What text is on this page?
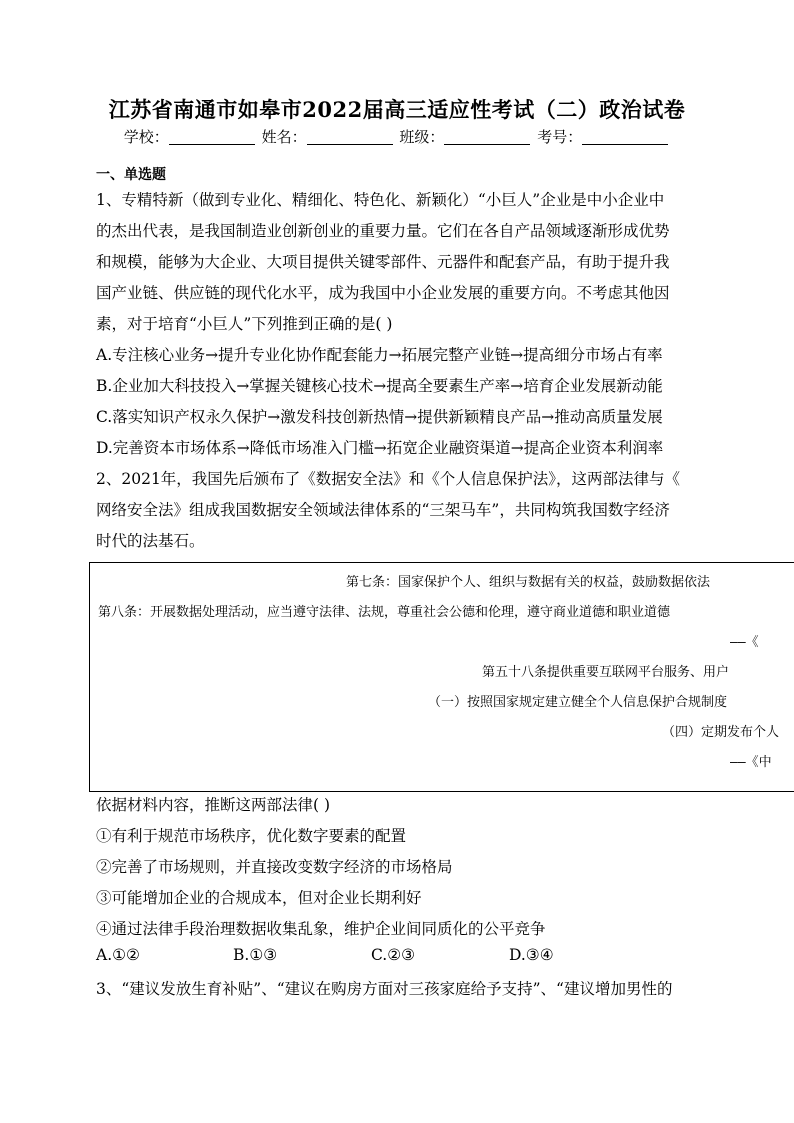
江苏省南通市如皋市2022届高三适应性考试（二）政治试卷
学校：	姓名：	班级：	考号：
一、单选题
1、专精特新（做到专业化、精细化、特色化、新颖化）“小巨人”企业是中小企业中
的杰出代表，是我国制造业创新创业的重要力量。它们在各自产品领域逐渐形成优势
和规模，能够为大企业、大项目提供关键零部件、元器件和配套产品，有助于提升我
国产业链、供应链的现代化水平，成为我国中小企业发展的重要方向。不考虑其他因
素，对于培育“小巨人”下列推到正确的是( )
A.专注核心业务→提升专业化协作配套能力→拓展完整产业链→提高细分市场占有率
B.企业加大科技投入→掌握关键核心技术→提高全要素生产率→培育企业发展新动能
C.落实知识产权永久保护→激发科技创新热情→提供新颖精良产品→推动高质量发展
D.完善资本市场体系→降低市场准入门槛→拓宽企业融资渠道→提高企业资本利润率
2、2021年，我国先后颁布了《数据安全法》和《个人信息保护法》，这两部法律与《
网络安全法》组成我国数据安全领域法律体系的“三架马车”，共同构筑我国数字经济
时代的法基石。
第七条：国家保护个人、组织与数据有关的权益，鼓励数据依法
第八条：开展数据处理活动，应当遵守法律、法规，尊重社会公德和伦理，遵守商业道德和职业道德
——《
第五十八条提供重要互联网平台服务、用户
（一）按照国家规定建立健全个人信息保护合规制度
（四）定期发布个人
——《中
依据材料内容，推断这两部法律( )
①有利于规范市场秩序，优化数字要素的配置
②完善了市场规则，并直接改变数字经济的市场格局
③可能增加企业的合规成本，但对企业长期利好
④通过法律手段治理数据收集乱象，维护企业间同质化的公平竞争
A.①②	B.①③	C.②③	D.③④
3、“建议发放生育补贴”、“建议在购房方面对三孩家庭给予支持”、“建议增加男性的
